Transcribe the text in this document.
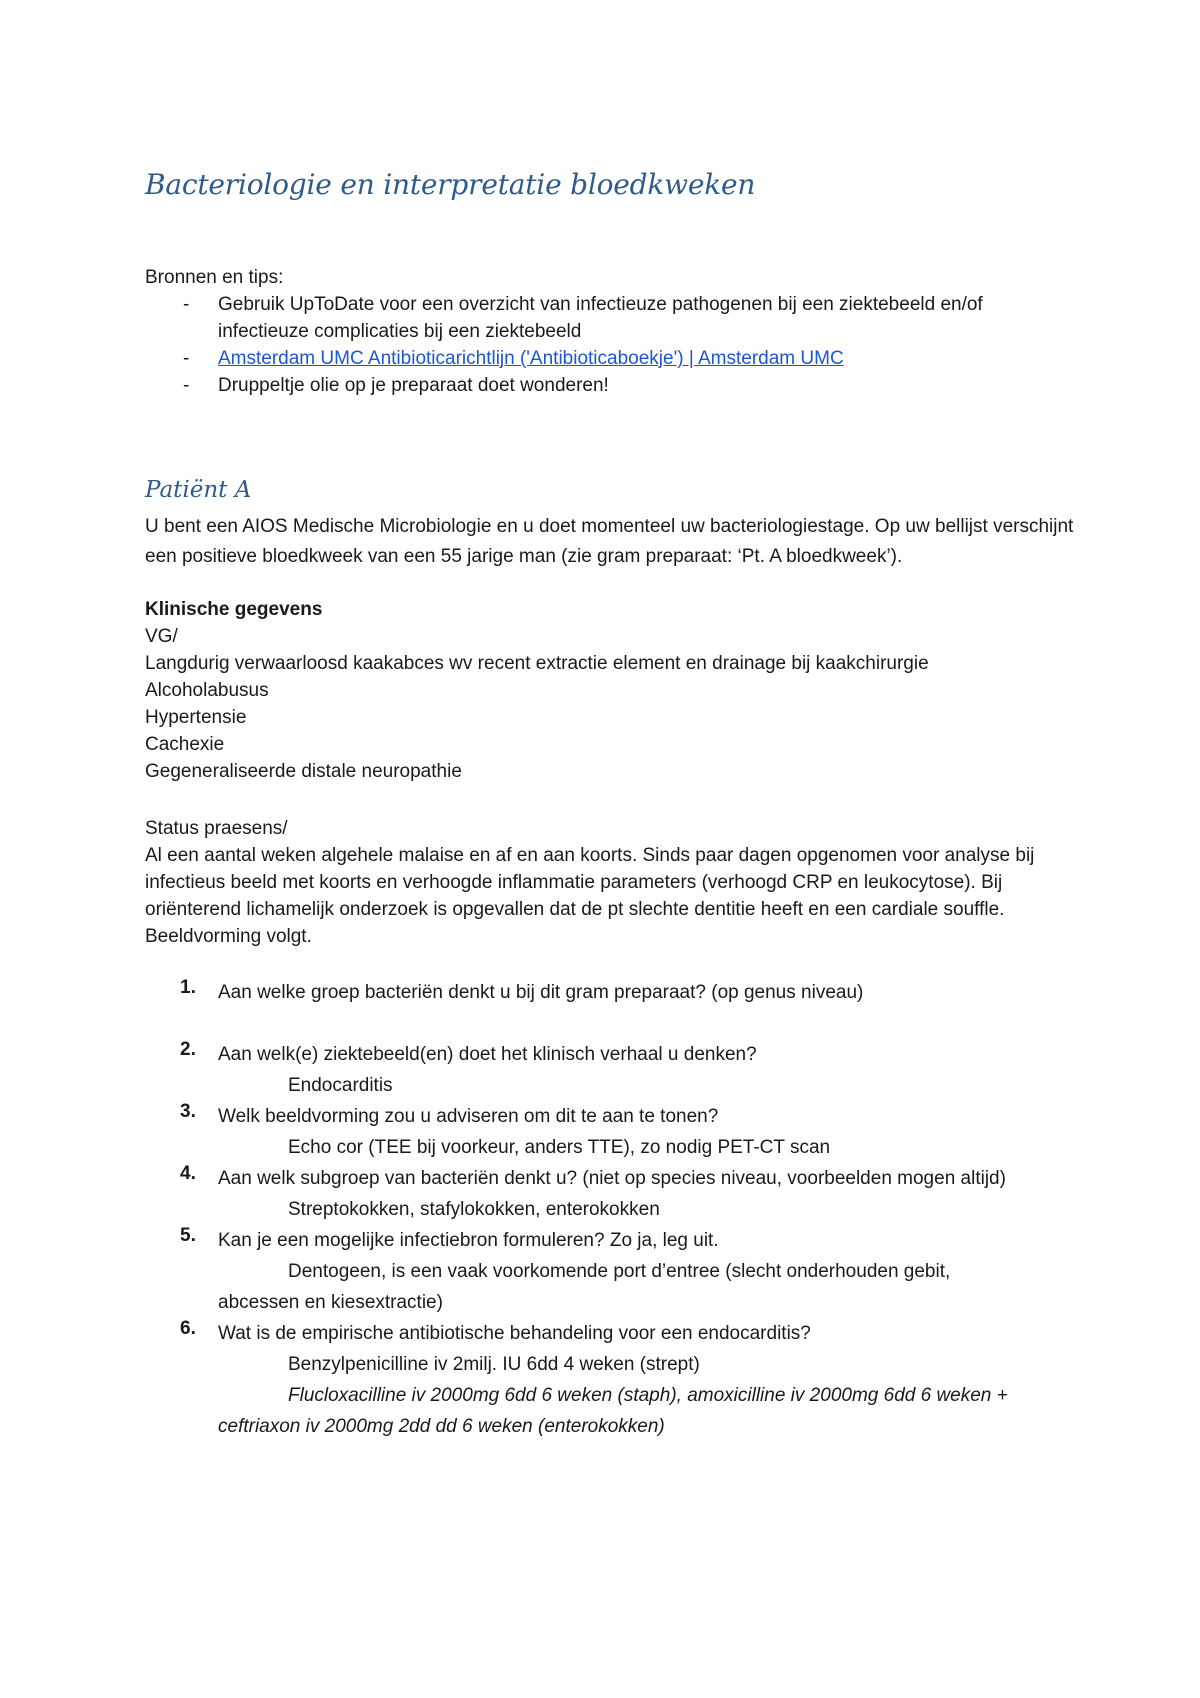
Bacteriologie en interpretatie bloedkweken
Bronnen en tips:
- Gebruik UpToDate voor een overzicht van infectieuze pathogenen bij een ziektebeeld en/of infectieuze complicaties bij een ziektebeeld
- Amsterdam UMC Antibioticarichtlijn ('Antibioticaboekje') | Amsterdam UMC
- Druppeltje olie op je preparaat doet wonderen!
Patiënt A
U bent een AIOS Medische Microbiologie en u doet momenteel uw bacteriologiestage. Op uw bellijst verschijnt een positieve bloedkweek van een 55 jarige man (zie gram preparaat: ‘Pt. A bloedkweek’).
Klinische gegevens
VG/
Langdurig verwaarloosd kaakabces wv recent extractie element en drainage bij kaakchirurgie
Alcoholabusus
Hypertensie
Cachexie
Gegeneraliseerde distale neuropathie
Status praesens/
Al een aantal weken algehele malaise en af en aan koorts. Sinds paar dagen opgenomen voor analyse bij infectieus beeld met koorts en verhoogde inflammatie parameters (verhoogd CRP en leukocytose). Bij oriënterend lichamelijk onderzoek is opgevallen dat de pt slechte dentitie heeft en een cardiale souffle. Beeldvorming volgt.
1. Aan welke groep bacteriën denkt u bij dit gram preparaat? (op genus niveau)
2. Aan welk(e) ziektebeeld(en) doet het klinisch verhaal u denken?
Endocarditis
3. Welk beeldvorming zou u adviseren om dit te aan te tonen?
Echo cor (TEE bij voorkeur, anders TTE), zo nodig PET-CT scan
4. Aan welk subgroep van bacteriën denkt u? (niet op species niveau, voorbeelden mogen altijd)
Streptokokken, stafylokokken, enterokokken
5. Kan je een mogelijke infectiebron formuleren? Zo ja, leg uit.
Dentogeen, is een vaak voorkomende port d’entree (slecht onderhouden gebit,
abcessen en kiesextractie)
6. Wat is de empirische antibiotische behandeling voor een endocarditis?
Benzylpenicilline iv 2milj. IU 6dd 4 weken (strept)
Flucloxacilline iv 2000mg 6dd 6 weken (staph), amoxicilline iv 2000mg 6dd 6 weken +
ceftriaxon iv 2000mg 2dd dd 6 weken (enterokokken)
